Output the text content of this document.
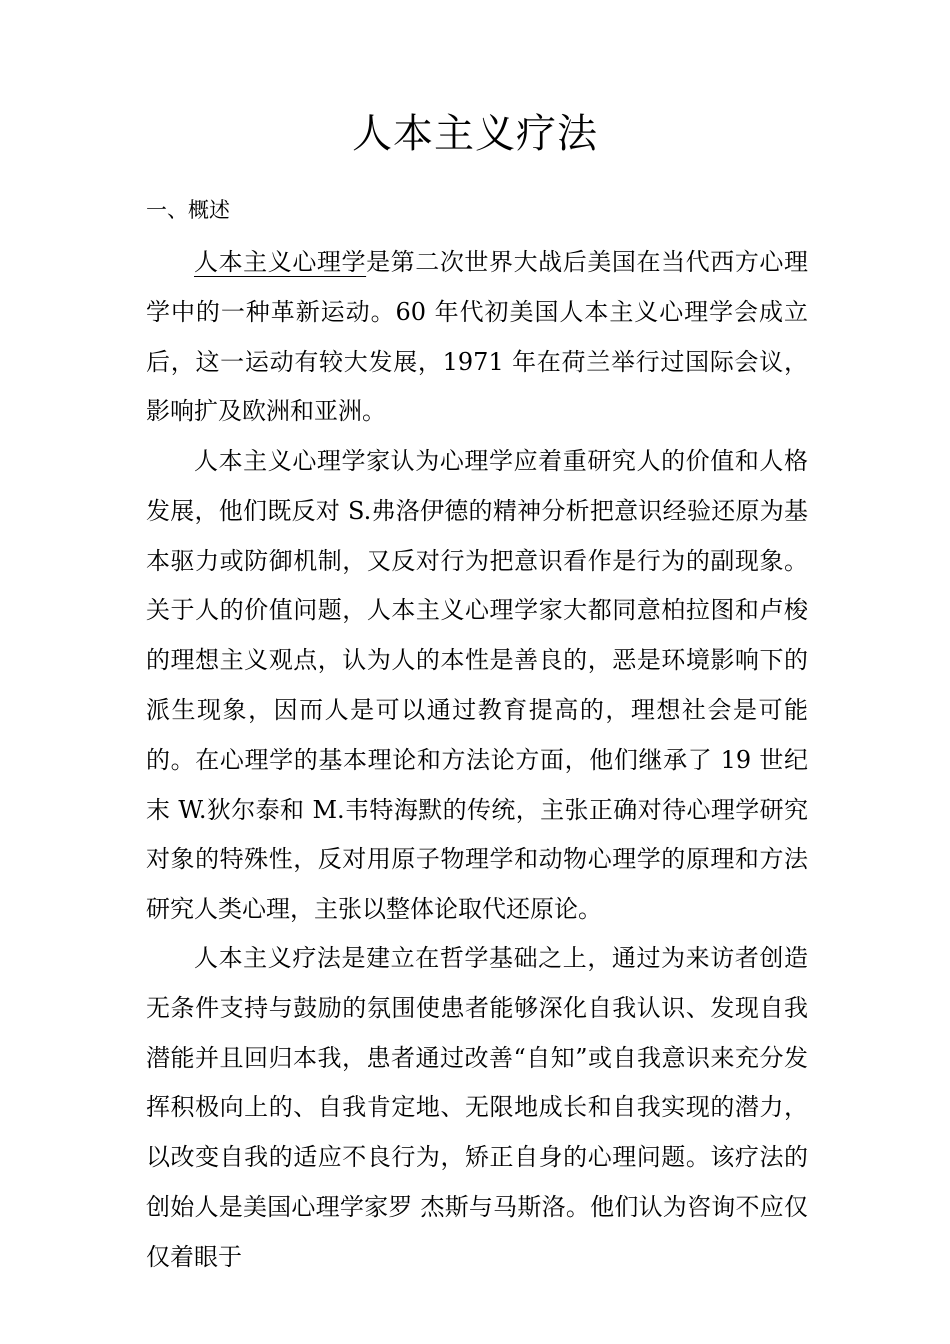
人本主义疗法
一、概述

人本主义心理学是第二次世界大战后美国在当代西方心理学中的一种革新运动。60 年代初美国人本主义心理学会成立后，这一运动有较大发展，1971 年在荷兰举行过国际会议，影响扩及欧洲和亚洲。

人本主义心理学家认为心理学应着重研究人的价值和人格发展，他们既反对 S.弗洛伊德的精神分析把意识经验还原为基本驱力或防御机制，又反对行为把意识看作是行为的副现象。关于人的价值问题，人本主义心理学家大都同意柏拉图和卢梭的理想主义观点，认为人的本性是善良的，恶是环境影响下的派生现象，因而人是可以通过教育提高的，理想社会是可能的。在心理学的基本理论和方法论方面，他们继承了 19 世纪末 W.狄尔泰和 M.韦特海默的传统，主张正确对待心理学研究对象的特殊性，反对用原子物理学和动物心理学的原理和方法研究人类心理，主张以整体论取代还原论。

人本主义疗法是建立在哲学基础之上，通过为来访者创造无条件支持与鼓励的氛围使患者能够深化自我认识、发现自我潜能并且回归本我，患者通过改善“自知”或自我意识来充分发挥积极向上的、自我肯定地、无限地成长和自我实现的潜力，以改变自我的适应不良行为，矫正自身的心理问题。该疗法的创始人是美国心理学家罗 杰斯与马斯洛。他们认为咨询不应仅仅着眼于
